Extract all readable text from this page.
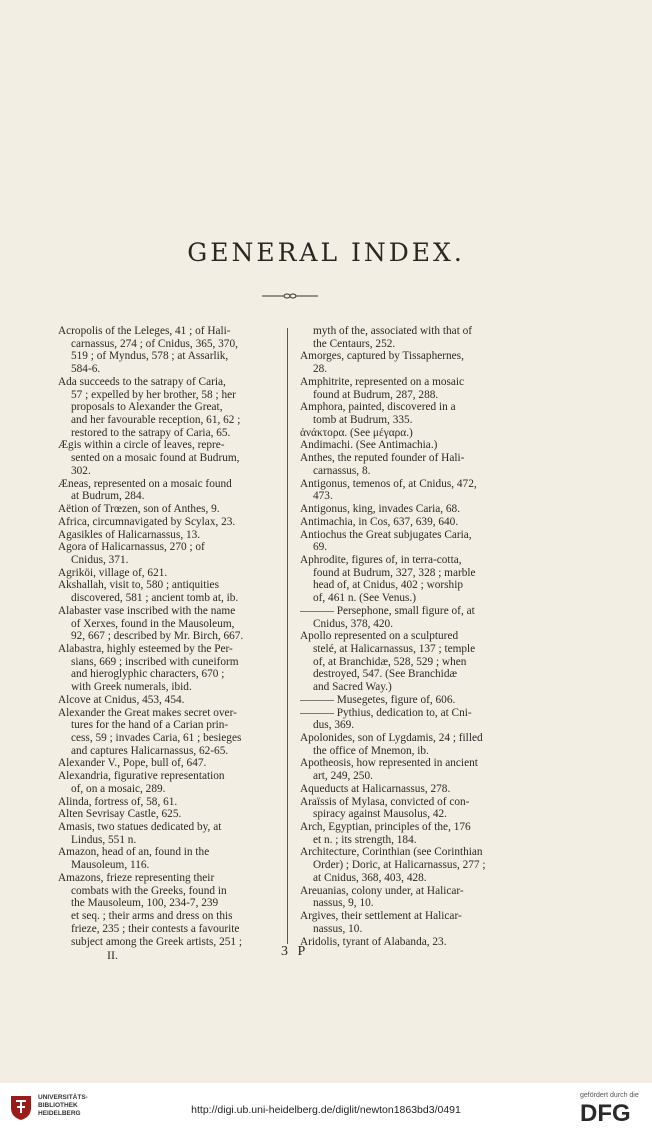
GENERAL INDEX.
Acropolis of the Leleges, 41 ; of Hali-
carnassus, 274 ; of Cnidus, 365, 370,
519 ; of Myndus, 578 ; at Assarlik,
584-6.
Ada succeeds to the satrapy of Caria,
57 ; expelled by her brother, 58 ; her
proposals to Alexander the Great,
and her favourable reception, 61, 62 ;
restored to the satrapy of Caria, 65.
Ægis within a circle of leaves, repre-
sented on a mosaic found at Budrum,
302.
Æneas, represented on a mosaic found
at Budrum, 284.
Aëtion of Trœzen, son of Anthes, 9.
Africa, circumnavigated by Scylax, 23.
Agasikles of Halicarnassus, 13.
Agora of Halicarnassus, 270 ; of
Cnidus, 371.
Agriköi, village of, 621.
Akshallah, visit to, 580 ; antiquities
discovered, 581 ; ancient tomb at, ib.
Alabaster vase inscribed with the name
of Xerxes, found in the Mausoleum,
92, 667 ; described by Mr. Birch, 667.
Alabastra, highly esteemed by the Per-
sians, 669 ; inscribed with cuneiform
and hieroglyphic characters, 670 ;
with Greek numerals, ibid.
Alcove at Cnidus, 453, 454.
Alexander the Great makes secret over-
tures for the hand of a Carian prin-
cess, 59 ; invades Caria, 61 ; besieges
and captures Halicarnassus, 62-65.
Alexander V., Pope, bull of, 647.
Alexandria, figurative representation
of, on a mosaic, 289.
Alinda, fortress of, 58, 61.
Alten Sevrisay Castle, 625.
Amasis, two statues dedicated by, at
Lindus, 551 n.
Amazon, head of an, found in the
Mausoleum, 116.
Amazons, frieze representing their
combats with the Greeks, found in
the Mausoleum, 100, 234-7, 239
et seq. ; their arms and dress on this
frieze, 235 ; their contests a favourite
subject among the Greek artists, 251 ;
myth of the, associated with that of
the Centaurs, 252.
Amorges, captured by Tissaphernes,
28.
Amphitrite, represented on a mosaic
found at Budrum, 287, 288.
Amphora, painted, discovered in a
tomb at Budrum, 335.
ἀνάκτορα. (See μέγαρα.)
Andimachi. (See Antimachia.)
Anthes, the reputed founder of Hali-
carnassus, 8.
Antigonus, temenos of, at Cnidus, 472,
473.
Antigonus, king, invades Caria, 68.
Antimachia, in Cos, 637, 639, 640.
Antiochus the Great subjugates Caria,
69.
Aphrodite, figures of, in terra-cotta,
found at Budrum, 327, 328 ; marble
head of, at Cnidus, 402 ; worship
of, 461 n. (See Venus.)
——— Persephone, small figure of, at
Cnidus, 378, 420.
Apollo represented on a sculptured
stelé, at Halicarnassus, 137 ; temple
of, at Branchidæ, 528, 529 ; when
destroyed, 547. (See Branchidæ
and Sacred Way.)
——— Musegetes, figure of, 606.
——— Pythius, dedication to, at Cni-
dus, 369.
Apolonides, son of Lygdamis, 24 ; filled
the office of Mnemon, ib.
Apotheosis, how represented in ancient
art, 249, 250.
Aqueducts at Halicarnassus, 278.
Araïssis of Mylasa, convicted of con-
spiracy against Mausolus, 42.
Arch, Egyptian, principles of the, 176
et n. ; its strength, 184.
Architecture, Corinthian (see Corinthian
Order) ; Doric, at Halicarnassus, 277 ;
at Cnidus, 368, 403, 428.
Areuanias, colony under, at Halicar-
nassus, 9, 10.
Argives, their settlement at Halicar-
nassus, 10.
Aridolis, tyrant of Alabanda, 23.
II.	3 P
UNIVERSITÄTS-
BIBLIOTHEK
HEIDELBERG	http://digi.ub.uni-heidelberg.de/diglit/newton1863bd3/0491
gefördert durch die
DFG
